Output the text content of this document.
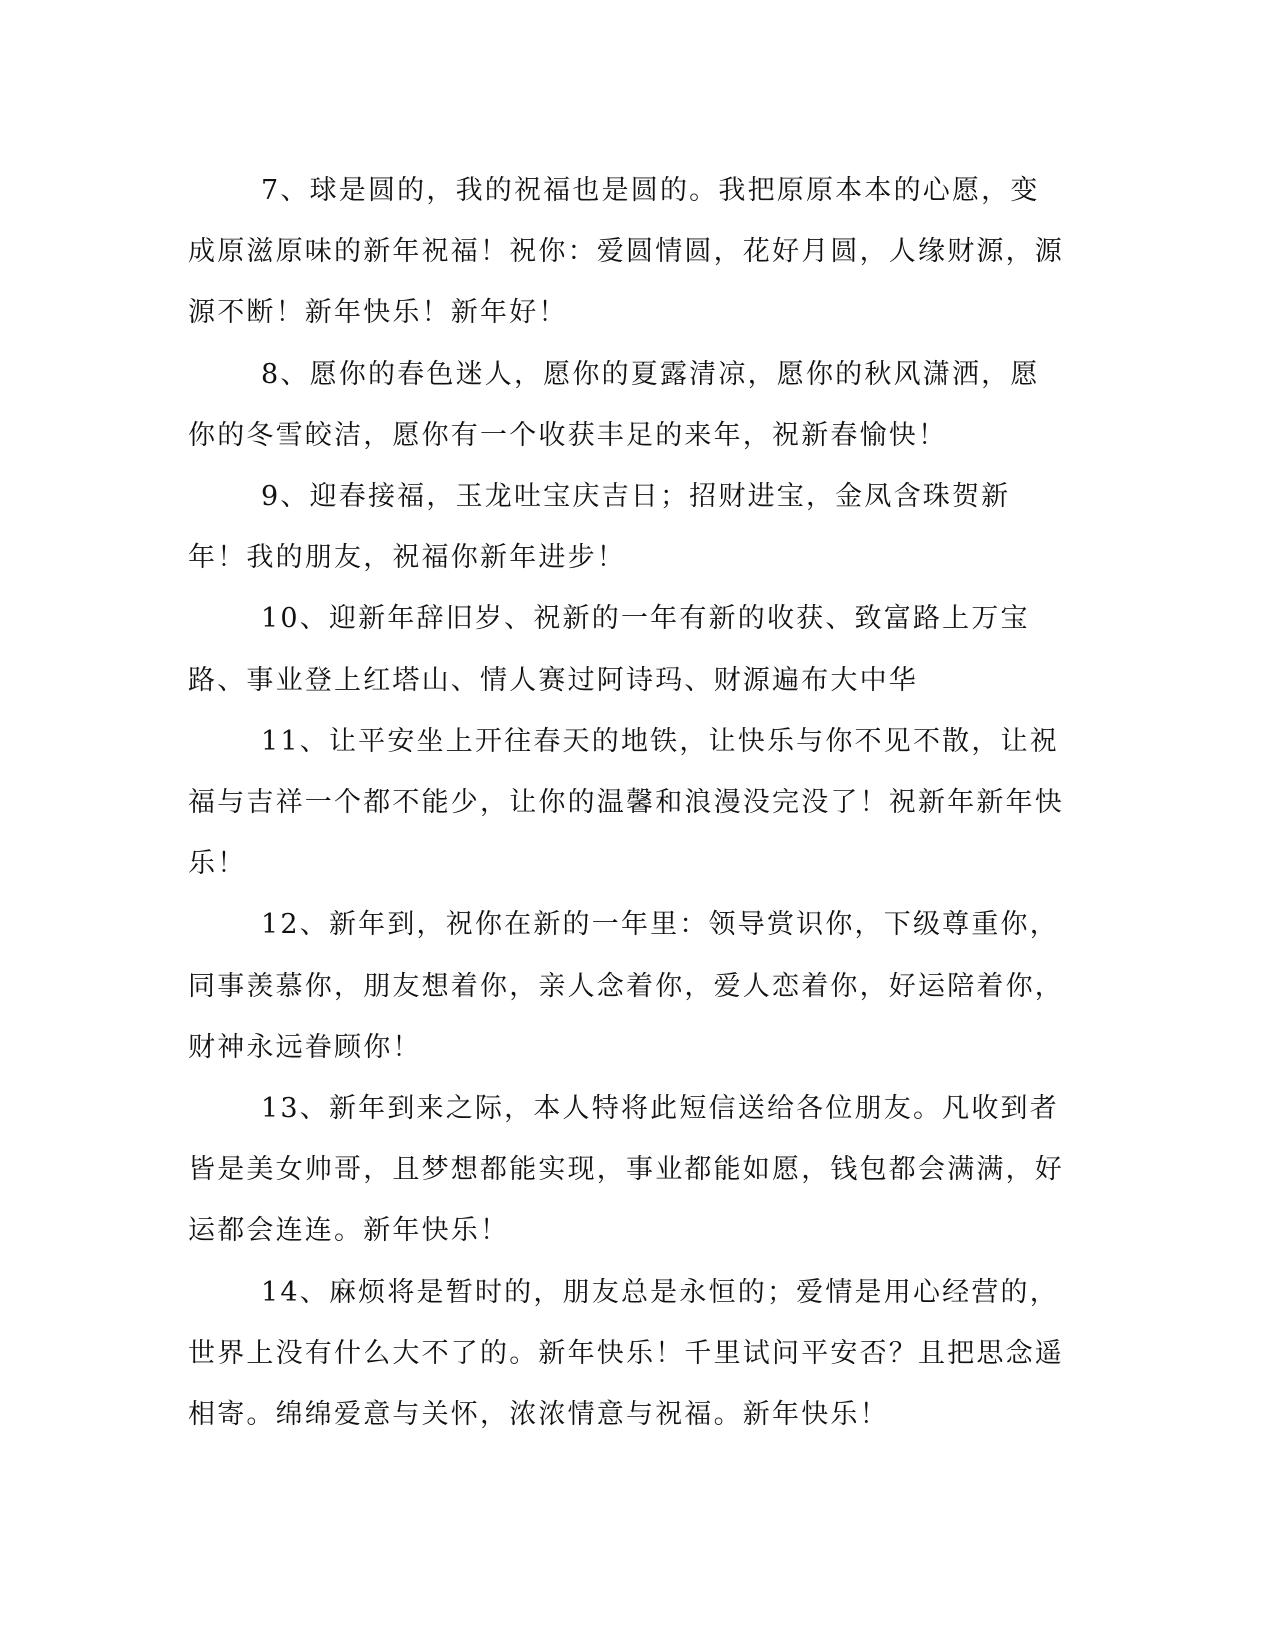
7、球是圆的，我的祝福也是圆的。我把原原本本的心愿，变成原滋原味的新年祝福！祝你：爱圆情圆，花好月圆，人缘财源，源源不断！新年快乐！新年好！

8、愿你的春色迷人，愿你的夏露清凉，愿你的秋风潇洒，愿你的冬雪皎洁，愿你有一个收获丰足的来年，祝新春愉快！

9、迎春接福，玉龙吐宝庆吉日；招财进宝，金凤含珠贺新年！我的朋友，祝福你新年进步！

10、迎新年辞旧岁、祝新的一年有新的收获、致富路上万宝路、事业登上红塔山、情人赛过阿诗玛、财源遍布大中华

11、让平安坐上开往春天的地铁，让快乐与你不见不散，让祝福与吉祥一个都不能少，让你的温馨和浪漫没完没了！祝新年新年快乐！

12、新年到，祝你在新的一年里：领导赏识你，下级尊重你，同事羡慕你，朋友想着你，亲人念着你，爱人恋着你，好运陪着你，财神永远眷顾你！

13、新年到来之际，本人特将此短信送给各位朋友。凡收到者皆是美女帅哥，且梦想都能实现，事业都能如愿，钱包都会满满，好运都会连连。新年快乐！

14、麻烦将是暂时的，朋友总是永恒的；爱情是用心经营的，世界上没有什么大不了的。新年快乐！千里试问平安否？且把思念遥相寄。绵绵爱意与关怀，浓浓情意与祝福。新年快乐！
